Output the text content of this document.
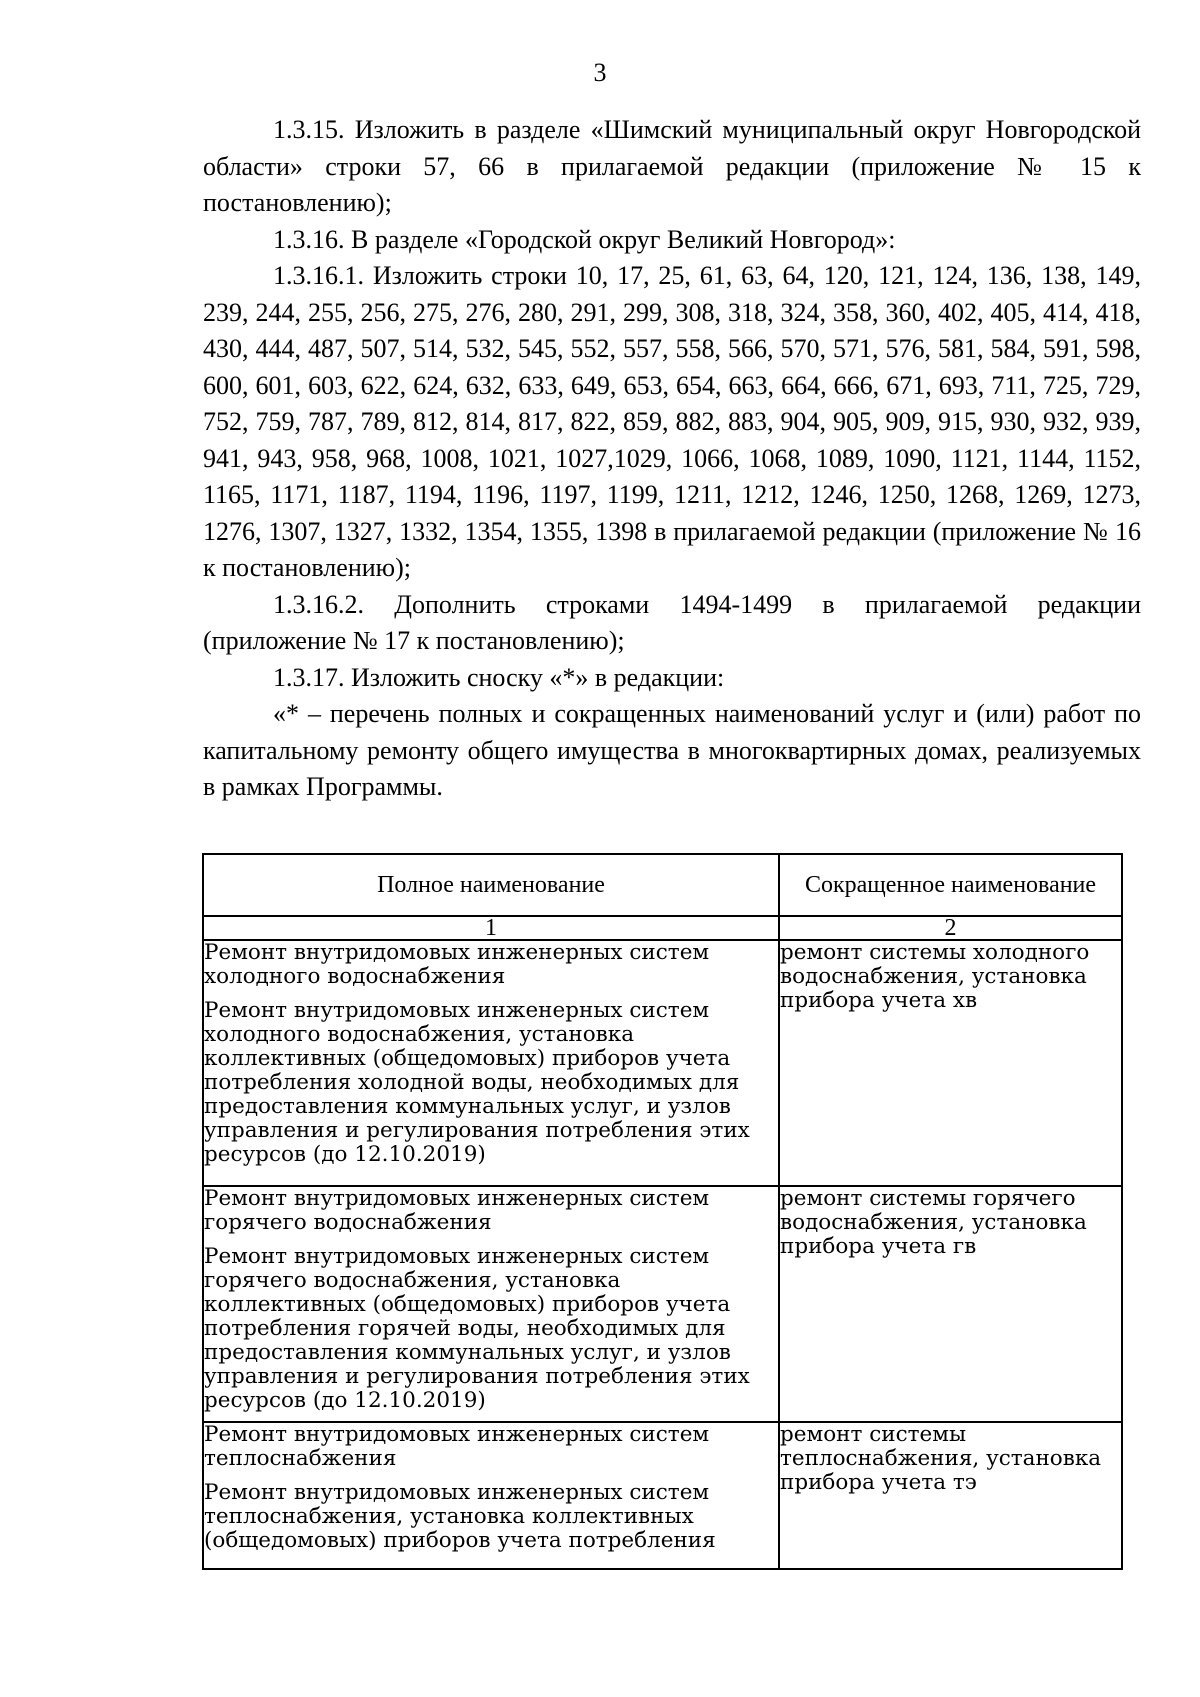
3

1.3.15. Изложить в разделе «Шимский муниципальный округ Новгородской области» строки 57, 66 в прилагаемой редакции (приложение № 15 к постановлению);

1.3.16. В разделе «Городской округ Великий Новгород»:

1.3.16.1. Изложить строки 10, 17, 25, 61, 63, 64, 120, 121, 124, 136, 138, 149, 239, 244, 255, 256, 275, 276, 280, 291, 299, 308, 318, 324, 358, 360, 402, 405, 414, 418, 430, 444, 487, 507, 514, 532, 545, 552, 557, 558, 566, 570, 571, 576, 581, 584, 591, 598, 600, 601, 603, 622, 624, 632, 633, 649, 653, 654, 663, 664, 666, 671, 693, 711, 725, 729, 752, 759, 787, 789, 812, 814, 817, 822, 859, 882, 883, 904, 905, 909, 915, 930, 932, 939, 941, 943, 958, 968, 1008, 1021, 1027,1029, 1066, 1068, 1089, 1090, 1121, 1144, 1152, 1165, 1171, 1187, 1194, 1196, 1197, 1199, 1211, 1212, 1246, 1250, 1268, 1269, 1273, 1276, 1307, 1327, 1332, 1354, 1355, 1398 в прилагаемой редакции (приложение № 16 к постановлению);

1.3.16.2. Дополнить строками 1494-1499 в прилагаемой редакции (приложение № 17 к постановлению);

1.3.17. Изложить сноску «*» в редакции:

«* – перечень полных и сокращенных наименований услуг и (или) работ по капитальному ремонту общего имущества в многоквартирных домах, реализуемых в рамках Программы.

Полное наименование	Сокращенное наименование
1	2

Ремонт внутридомовых инженерных систем холодного водоснабжения

Ремонт внутридомовых инженерных систем холодного водоснабжения, установка коллективных (общедомовых) приборов учета потребления холодной воды, необходимых для предоставления коммунальных услуг, и узлов управления и регулирования потребления этих ресурсов (до 12.10.2019)	ремонт системы холодного водоснабжения, установка прибора учета хв

Ремонт внутридомовых инженерных систем горячего водоснабжения

Ремонт внутридомовых инженерных систем горячего водоснабжения, установка коллективных (общедомовых) приборов учета потребления горячей воды, необходимых для предоставления коммунальных услуг, и узлов управления и регулирования потребления этих ресурсов (до 12.10.2019)	ремонт системы горячего водоснабжения, установка прибора учета гв

Ремонт внутридомовых инженерных систем теплоснабжения

Ремонт внутридомовых инженерных систем теплоснабжения, установка коллективных (общедомовых) приборов учета потребления	ремонт системы теплоснабжения, установка прибора учета тэ
